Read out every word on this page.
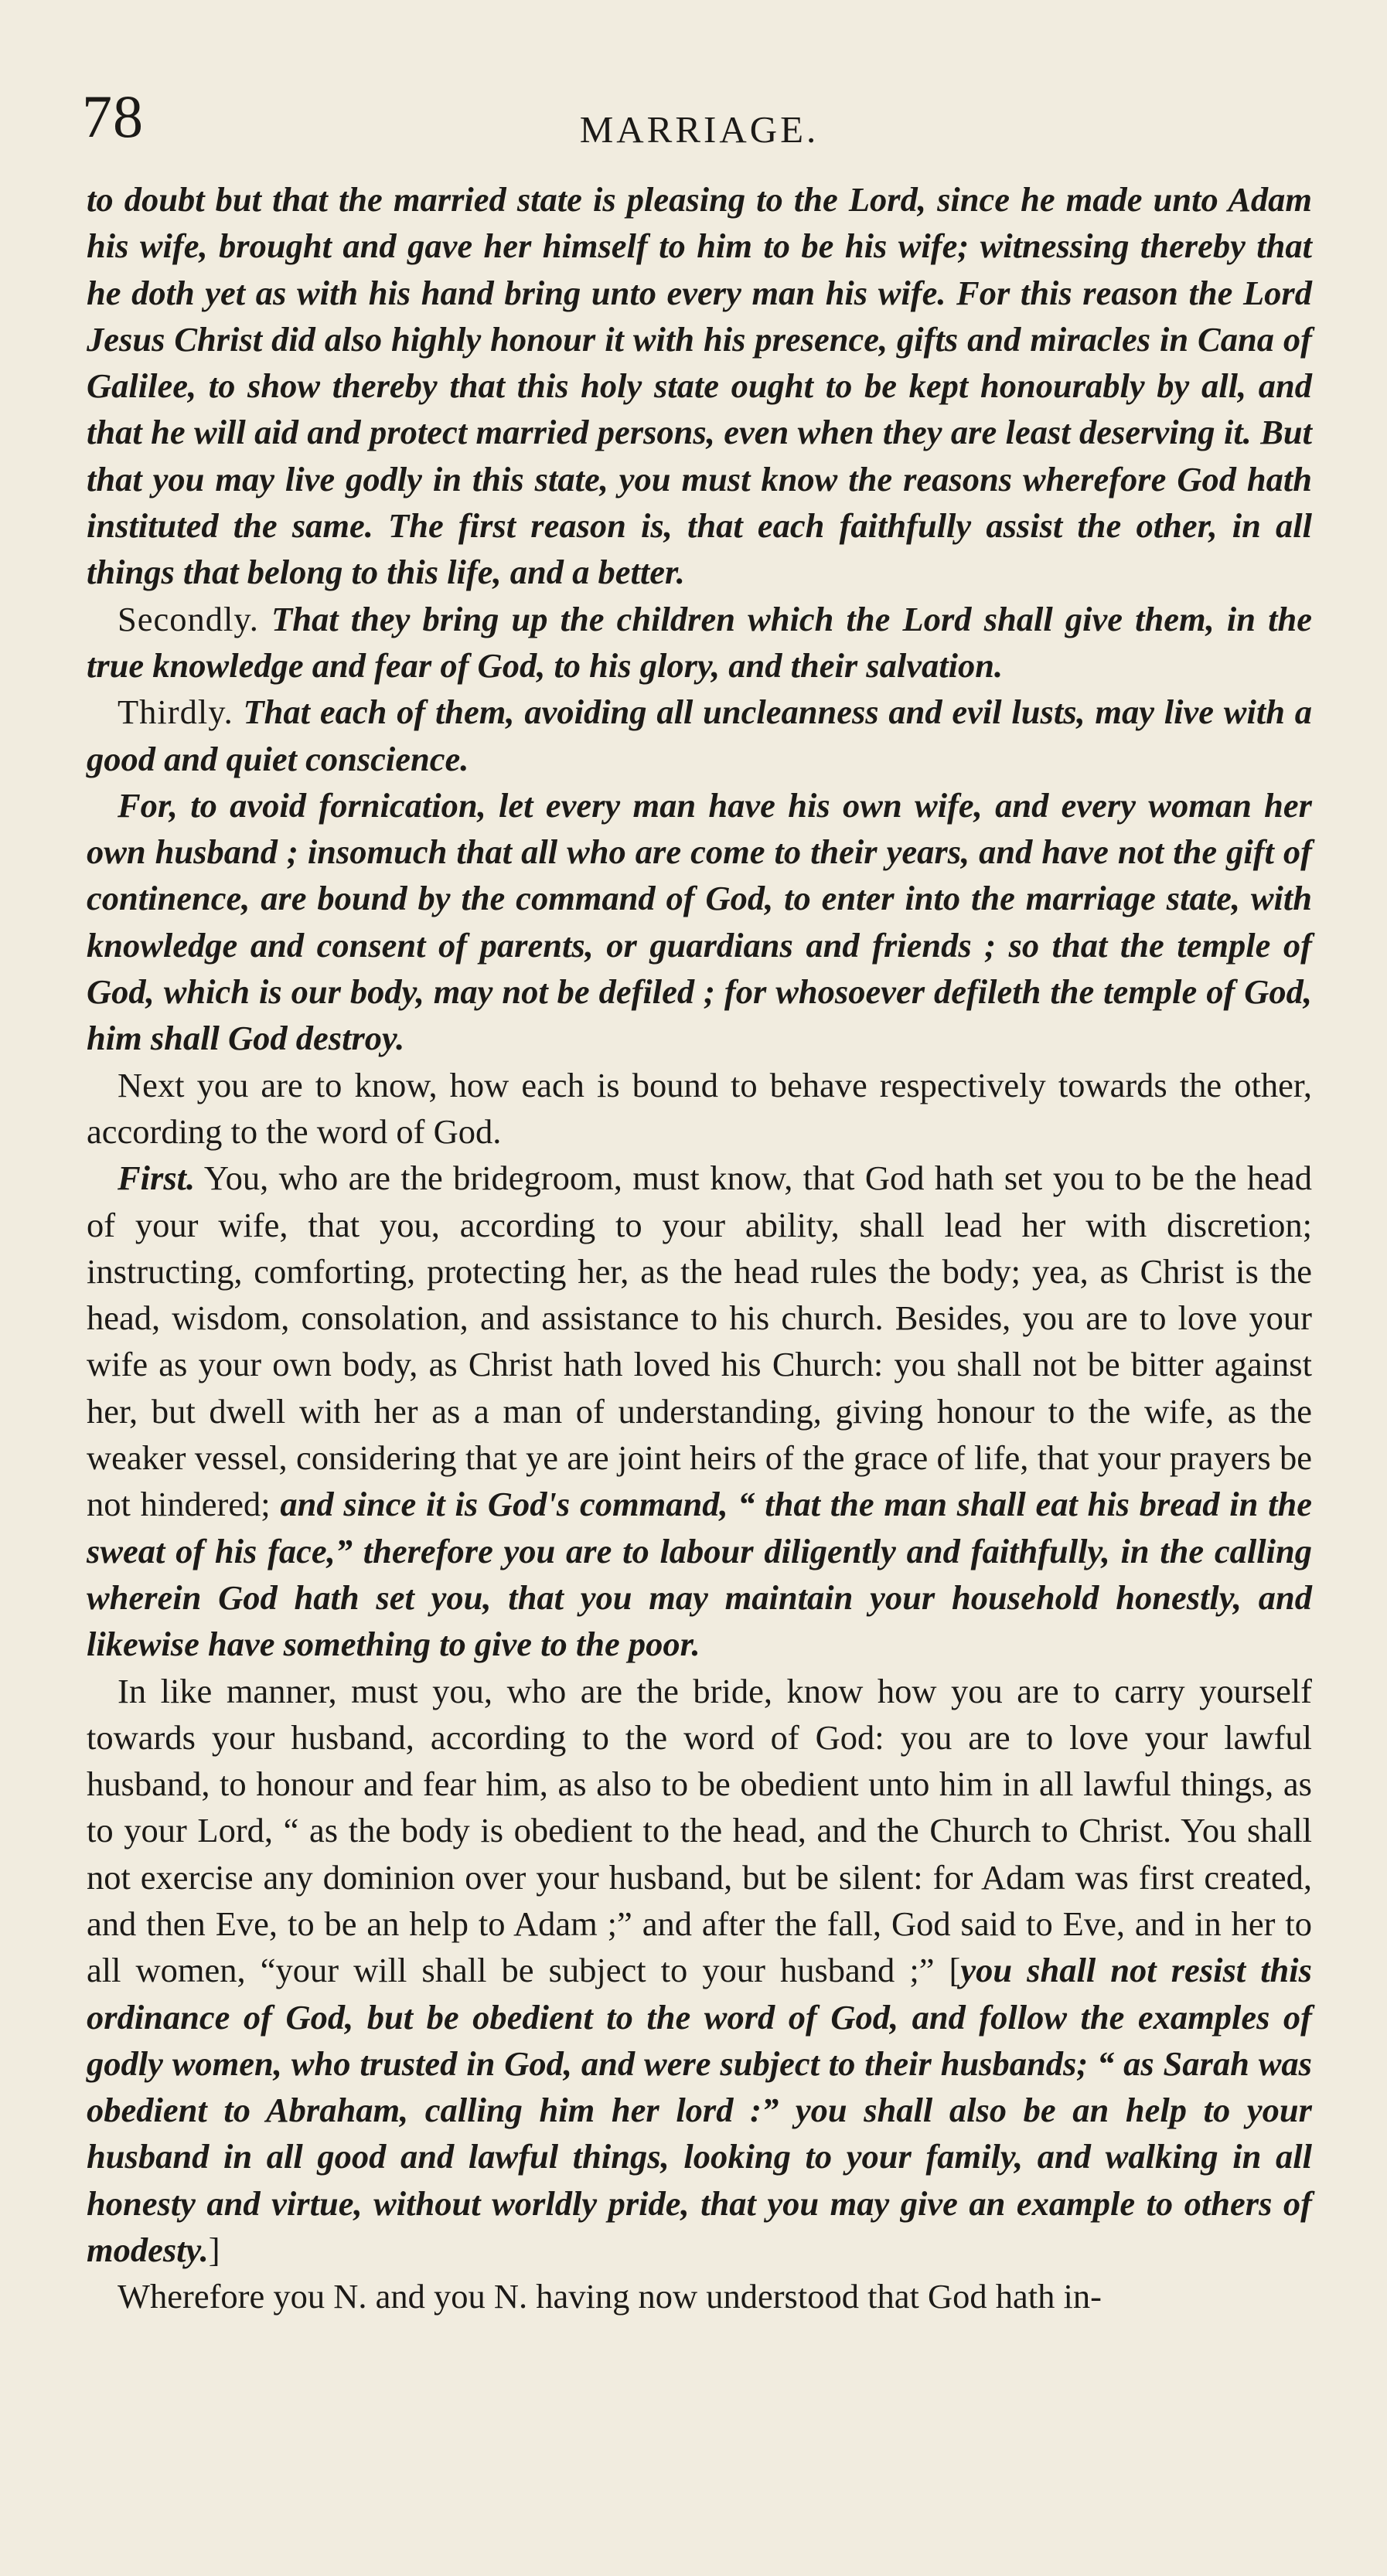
78	MARRIAGE.

to doubt but that the married state is pleasing to the Lord, since he made unto Adam his wife, brought and gave her himself to him to be his wife; witnessing thereby that he doth yet as with his hand bring unto every man his wife. For this reason the Lord Jesus Christ did also highly honour it with his presence, gifts and miracles in Cana of Galilee, to show thereby that this holy state ought to be kept honourably by all, and that he will aid and protect married persons, even when they are least deserving it. But that you may live godly in this state, you must know the reasons wherefore God hath instituted the same. The first reason is, that each faithfully assist the other, in all things that belong to this life, and a better.

Secondly. That they bring up the children which the Lord shall give them, in the true knowledge and fear of God, to his glory, and their salvation.

Thirdly. That each of them, avoiding all uncleanness and evil lusts, may live with a good and quiet conscience.

For, to avoid fornication, let every man have his own wife, and every woman her own husband ; insomuch that all who are come to their years, and have not the gift of continence, are bound by the command of God, to enter into the marriage state, with knowledge and consent of parents, or guardians and friends ; so that the temple of God, which is our body, may not be defiled ; for whosoever defileth the temple of God, him shall God destroy.

Next you are to know, how each is bound to behave respectively towards the other, according to the word of God.

First. You, who are the bridegroom, must know, that God hath set you to be the head of your wife, that you, according to your ability, shall lead her with discretion; instructing, comforting, protecting her, as the head rules the body; yea, as Christ is the head, wisdom, consolation, and assistance to his church. Besides, you are to love your wife as your own body, as Christ hath loved his Church: you shall not be bitter against her, but dwell with her as a man of understanding, giving honour to the wife, as the weaker vessel, considering that ye are joint heirs of the grace of life, that your prayers be not hindered; and since it is God's command, “ that the man shall eat his bread in the sweat of his face,” therefore you are to labour diligently and faithfully, in the calling wherein God hath set you, that you may maintain your household honestly, and likewise have something to give to the poor.

In like manner, must you, who are the bride, know how you are to carry yourself towards your husband, according to the word of God: you are to love your lawful husband, to honour and fear him, as also to be obedient unto him in all lawful things, as to your Lord, “ as the body is obedient to the head, and the Church to Christ. You shall not exercise any dominion over your husband, but be silent: for Adam was first created, and then Eve, to be an help to Adam ;” and after the fall, God said to Eve, and in her to all women, “your will shall be subject to your husband ;” [you shall not resist this ordinance of God, but be obedient to the word of God, and follow the examples of godly women, who trusted in God, and were subject to their husbands; “ as Sarah was obedient to Abraham, calling him her lord :” you shall also be an help to your husband in all good and lawful things, looking to your family, and walking in all honesty and virtue, without worldly pride, that you may give an example to others of modesty.]

Wherefore you N. and you N. having now understood that God hath in-
